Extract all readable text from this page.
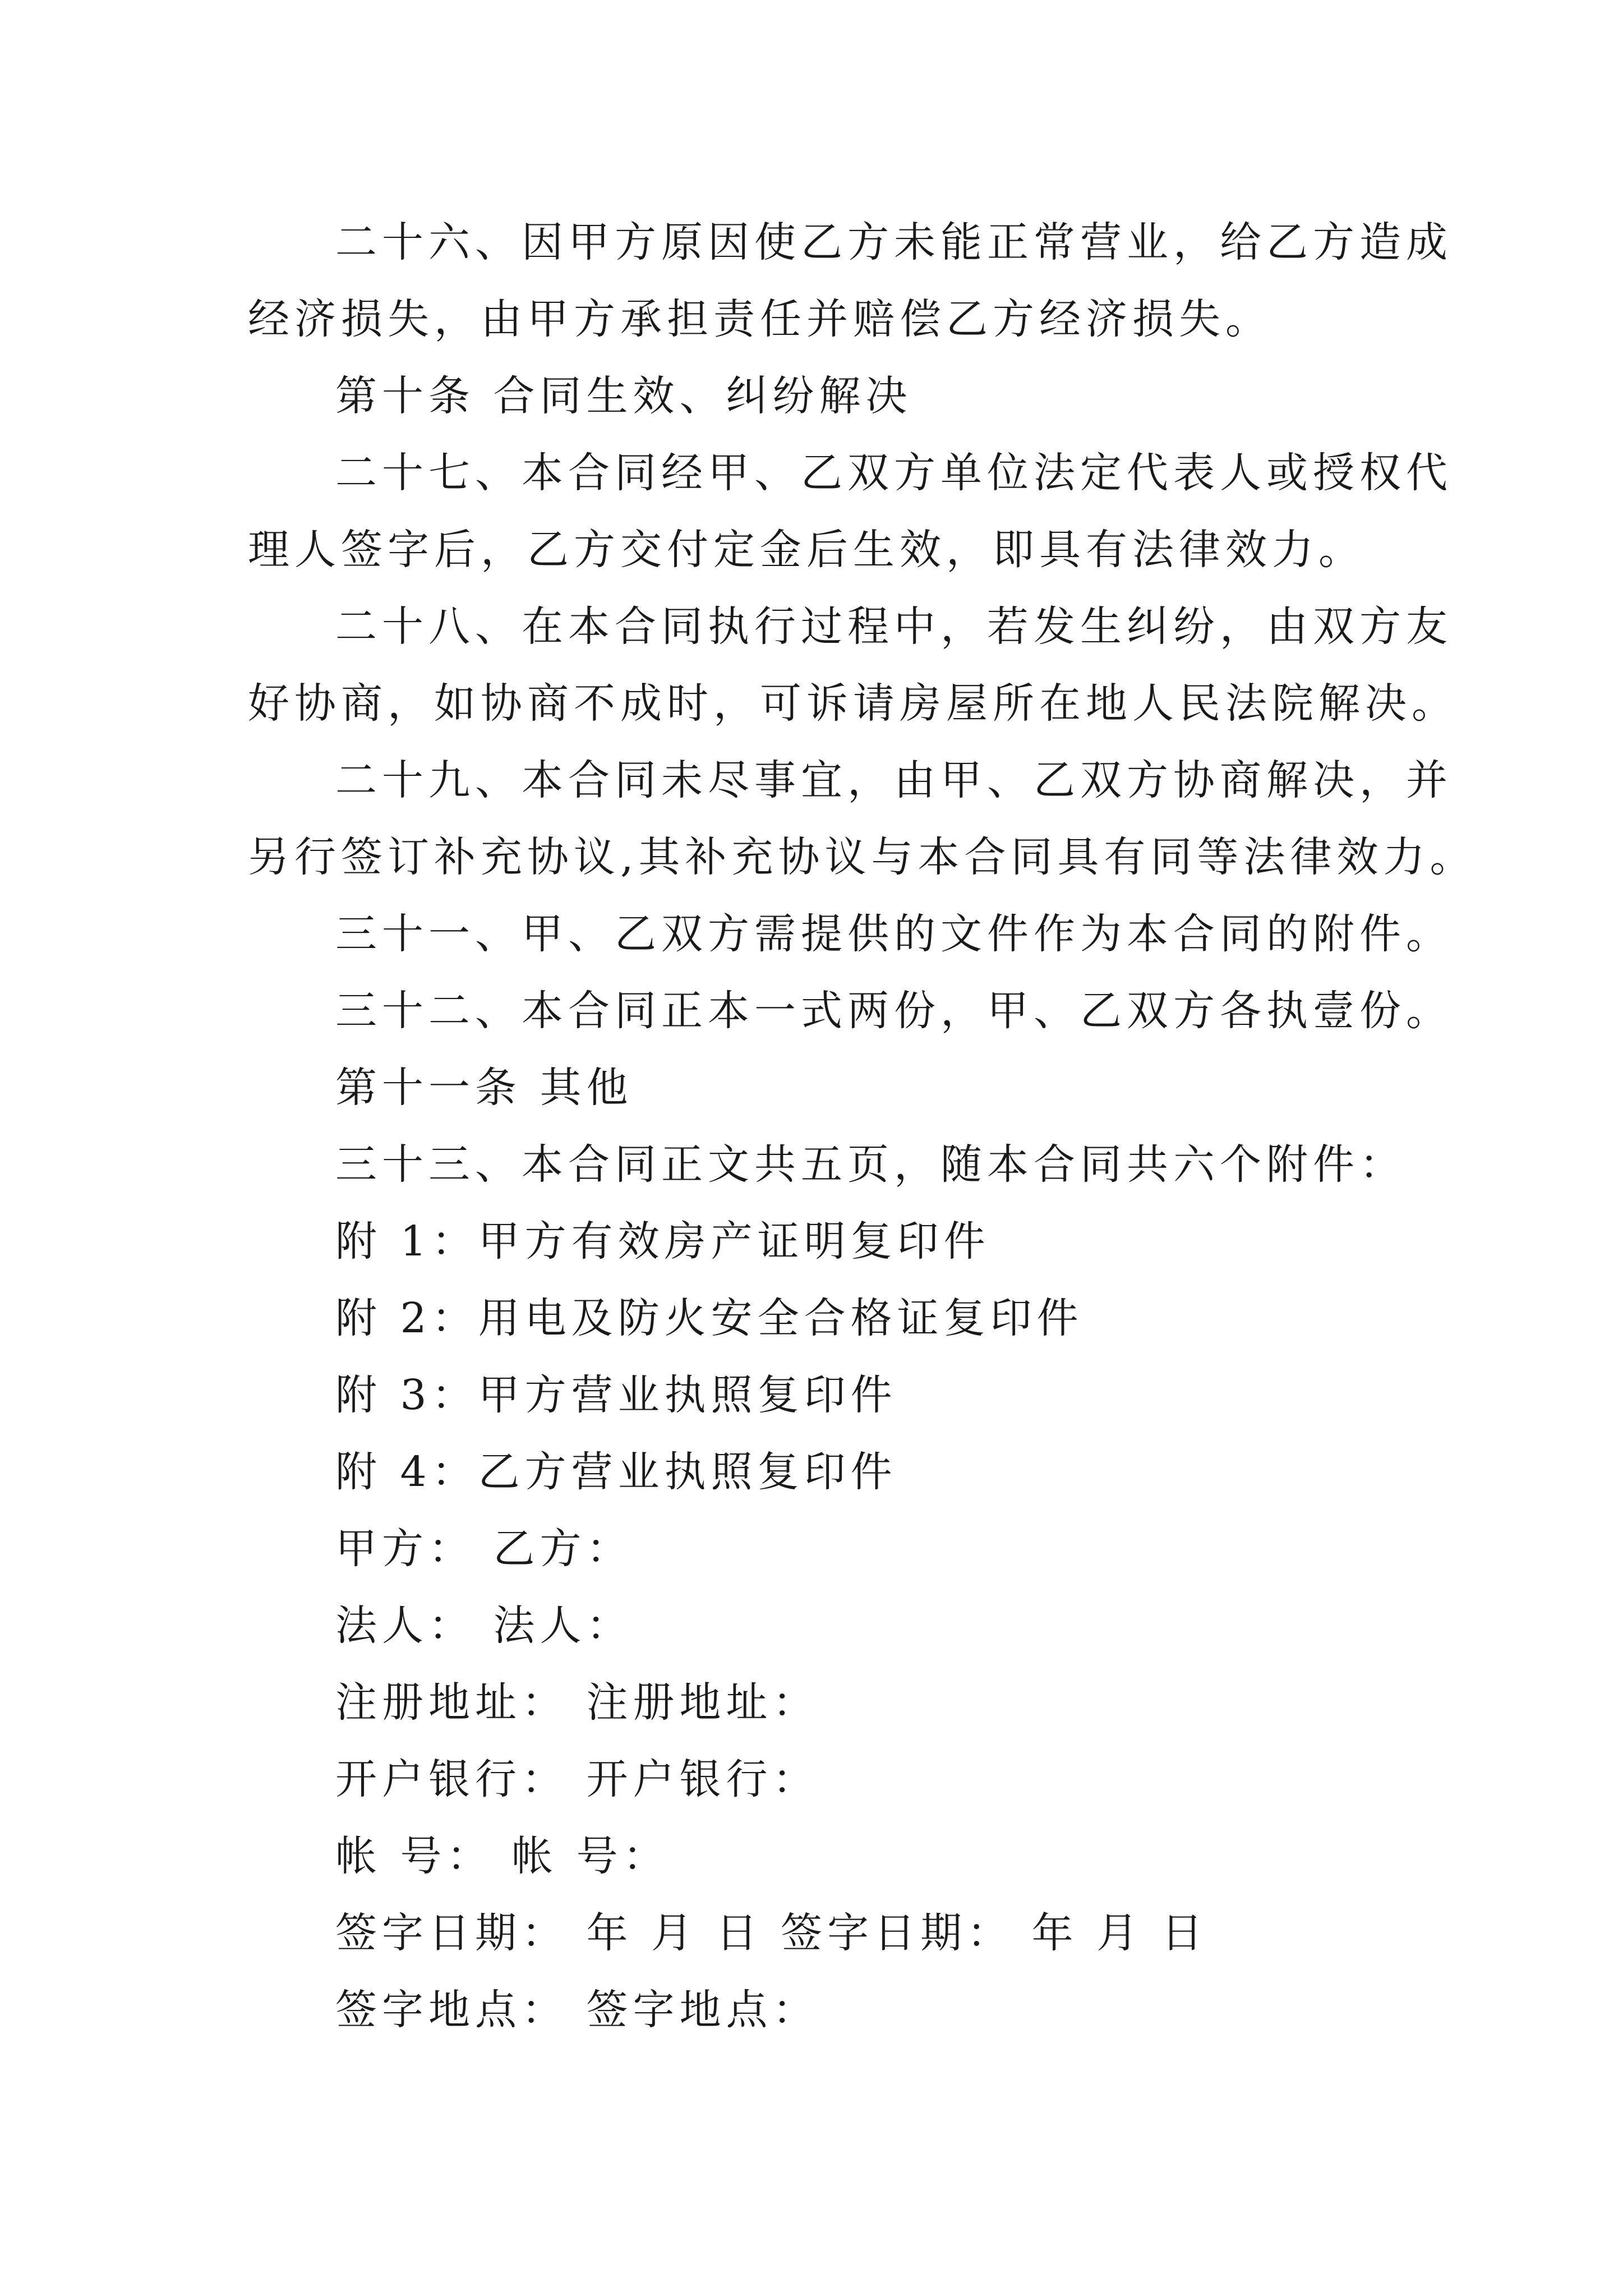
二十六、因甲方原因使乙方未能正常营业，给乙方造成
经济损失，由甲方承担责任并赔偿乙方经济损失。
第十条 合同生效、纠纷解决
二十七、本合同经甲、乙双方单位法定代表人或授权代
理人签字后，乙方交付定金后生效，即具有法律效力。
二十八、在本合同执行过程中，若发生纠纷，由双方友
好协商，如协商不成时，可诉请房屋所在地人民法院解决。
二十九、本合同未尽事宜，由甲、乙双方协商解决，并
另行签订补充协议,其补充协议与本合同具有同等法律效力。
三十一、甲、乙双方需提供的文件作为本合同的附件。
三十二、本合同正本一式两份，甲、乙双方各执壹份。
第十一条 其他
三十三、本合同正文共五页，随本合同共六个附件：
附 1：甲方有效房产证明复印件
附 2：用电及防火安全合格证复印件
附 3：甲方营业执照复印件
附 4：乙方营业执照复印件
甲方： 乙方：
法人： 法人：
注册地址： 注册地址：
开户银行： 开户银行：
帐 号： 帐 号：
签字日期： 年 月 日 签字日期： 年 月 日
签字地点： 签字地点：
